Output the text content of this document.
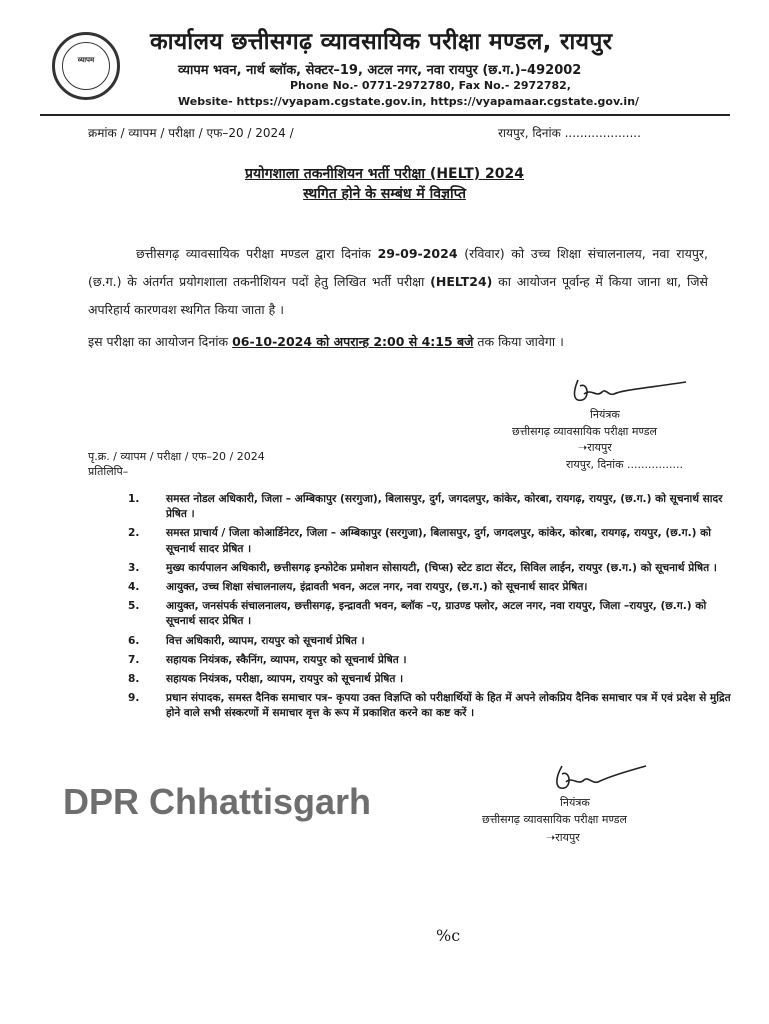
व्यापम
कार्यालय छत्तीसगढ़ व्यावसायिक परीक्षा मण्डल, रायपुर
व्यापम भवन, नार्थ ब्लॉक, सेक्टर–19, अटल नगर, नवा रायपुर (छ.ग.)–492002
Phone No.- 0771-2972780, Fax No.- 2972782,
Website- https://vyapam.cgstate.gov.in, https://vyapamaar.cgstate.gov.in/
क्रमांक / व्यापम / परीक्षा / एफ–20 / 2024 /	रायपुर, दिनांक ....................
प्रयोगशाला तकनीशियन भर्ती परीक्षा (HELT) 2024
स्थगित होने के सम्बंध में विज्ञप्ति
छत्तीसगढ़ व्यावसायिक परीक्षा मण्डल द्वारा दिनांक 29-09-2024 (रविवार) को उच्च शिक्षा संचालनालय, नवा रायपुर, (छ.ग.) के अंतर्गत प्रयोगशाला तकनीशियन पदों हेतु लिखित भर्ती परीक्षा (HELT24) का आयोजन पूर्वान्ह में किया जाना था, जिसे अपरिहार्य कारणवश स्थगित किया जाता है ।
इस परीक्षा का आयोजन दिनांक 06-10-2024 को अपरान्ह 2:00 से 4:15 बजे तक किया जावेगा ।
नियंत्रक
छत्तीसगढ़ व्यावसायिक परीक्षा मण्डल
➝रायपुर
रायपुर, दिनांक ................
पृ.क्र. / व्यापम / परीक्षा / एफ–20 / 2024
प्रतिलिपि–
1.	समस्त नोडल अधिकारी, जिला – अम्बिकापुर (सरगुजा), बिलासपुर, दुर्ग, जगदलपुर, कांकेर, कोरबा, रायगढ़, रायपुर, (छ.ग.) को सूचनार्थ सादर प्रेषित ।
2.	समस्त प्राचार्य / जिला कोआर्डिनेटर, जिला – अम्बिकापुर (सरगुजा), बिलासपुर, दुर्ग, जगदलपुर, कांकेर, कोरबा, रायगढ़, रायपुर, (छ.ग.) को सूचनार्थ सादर प्रेषित ।
3.	मुख्य कार्यपालन अधिकारी, छत्तीसगढ़ इन्फोटेक प्रमोशन सोसायटी, (चिप्स) स्टेट डाटा सेंटर, सिविल लाईन, रायपुर (छ.ग.) को सूचनार्थ प्रेषित ।
4.	आयुक्त, उच्च शिक्षा संचालनालय, इंद्रावती भवन, अटल नगर, नवा रायपुर, (छ.ग.) को सूचनार्थ सादर प्रेषित।
5.	आयुक्त, जनसंपर्क संचालनालय, छत्तीसगढ़, इन्द्रावती भवन, ब्लॉक –ए, ग्राउण्ड फ्लोर, अटल नगर, नवा रायपुर, जिला –रायपुर, (छ.ग.) को सूचनार्थ सादर प्रेषित ।
6.	वित्त अधिकारी, व्यापम, रायपुर को सूचनार्थ प्रेषित ।
7.	सहायक नियंत्रक, स्कैनिंग, व्यापम, रायपुर को सूचनार्थ प्रेषित ।
8.	सहायक नियंत्रक, परीक्षा, व्यापम, रायपुर को सूचनार्थ प्रेषित ।
9.	प्रधान संपादक, समस्त दैनिक समाचार पत्र– कृपया उक्त विज्ञप्ति को परीक्षार्थियों के हित में अपने लोकप्रिय दैनिक समाचार पत्र में एवं प्रदेश से मुद्रित होने वाले सभी संस्करणों में समाचार वृत्त के रूप में प्रकाशित करने का कष्ट करें ।
DPR Chhattisgarh	नियंत्रक
छत्तीसगढ़ व्यावसायिक परीक्षा मण्डल
➝रायपुर
%c
